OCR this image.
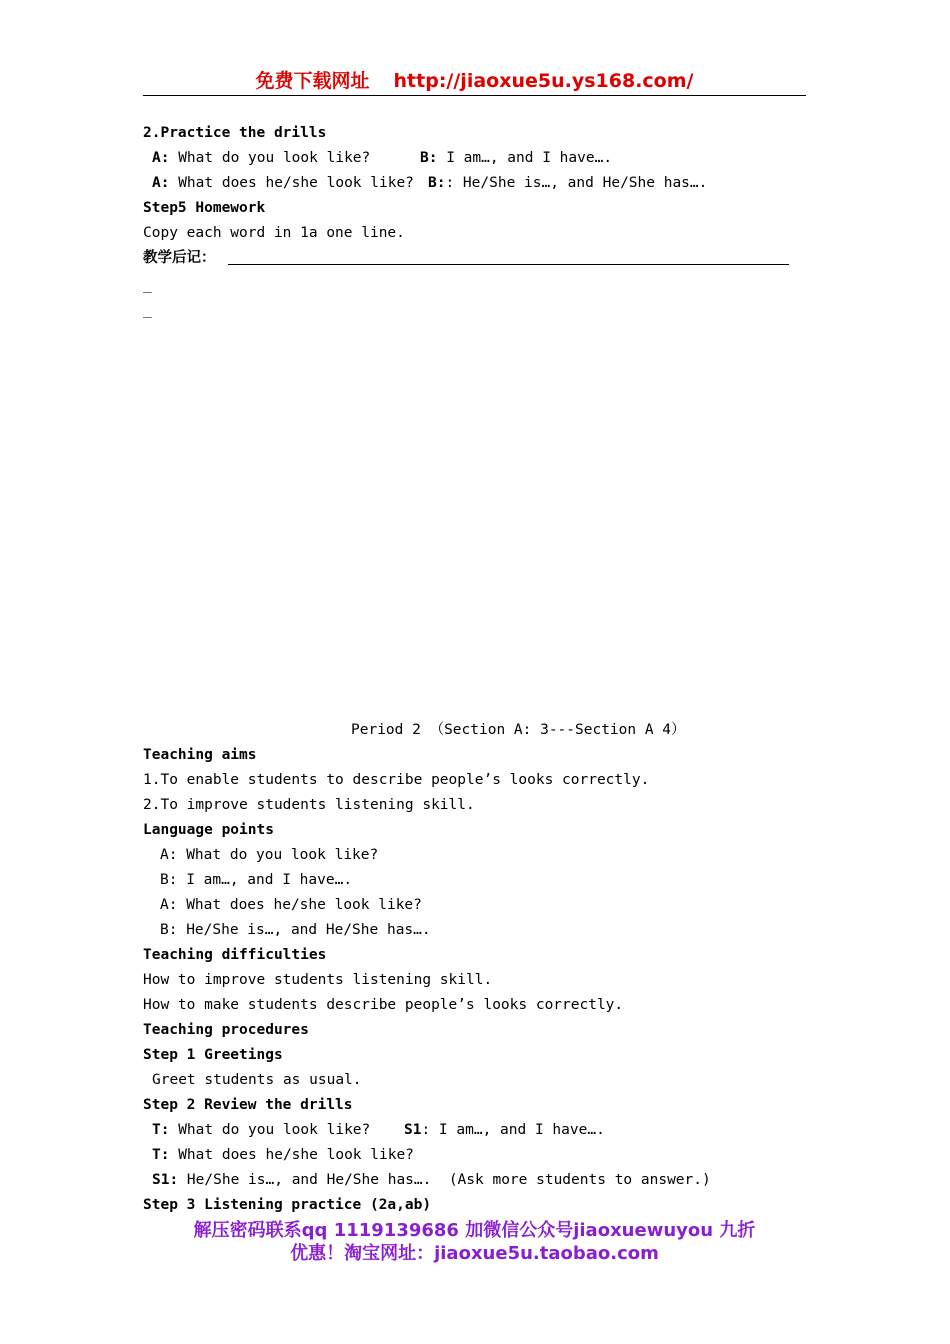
免费下载网址 http://jiaoxue5u.ys168.com/
2.Practice the drills
A: What do you look like?	B: I am…, and I have….
A: What does he/she look like? B:: He/She is…, and He/She has….
Step5 Homework
Copy each word in 1a one line.
教学后记：
_
_
Period 2 （Section A: 3---Section A 4）
Teaching aims
1.To enable students to describe people’s looks correctly.
2.To improve students listening skill.
Language points
A: What do you look like?
B: I am…, and I have….
A: What does he/she look like?
B: He/She is…, and He/She has….
Teaching difficulties
How to improve students listening skill.
How to make students describe people’s looks correctly.
Teaching procedures
Step 1 Greetings
Greet students as usual.
Step 2 Review the drills
T: What do you look like? S1: I am…, and I have….
T: What does he/she look like?
S1: He/She is…, and He/She has….  (Ask more students to answer.)
Step 3 Listening practice (2a,ab)
解压密码联系qq 1119139686 加微信公众号jiaoxuewuyou 九折
优惠！淘宝网址：jiaoxue5u.taobao.com
